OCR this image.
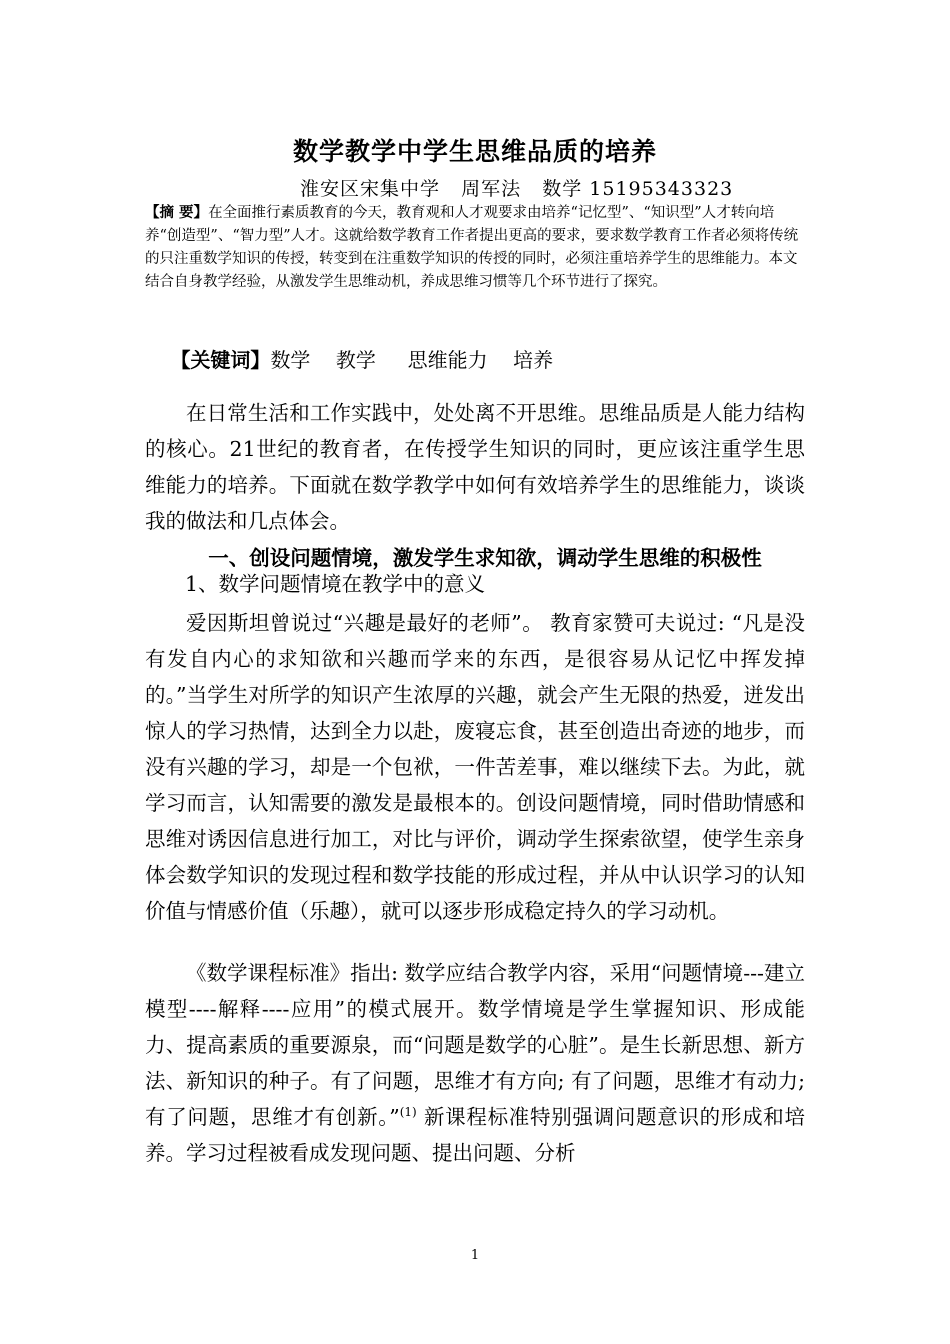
数学教学中学生思维品质的培养
淮安区宋集中学   周军法   数学 15195343323
【摘 要】在全面推行素质教育的今天，教育观和人才观要求由培养“记忆型”、“知识型”人才转向培养“创造型”、“智力型”人才。这就给数学教育工作者提出更高的要求，要求数学教育工作者必须将传统的只注重数学知识的传授，转变到在注重数学知识的传授的同时，必须注重培养学生的思维能力。本文结合自身教学经验，从激发学生思维动机，养成思维习惯等几个环节进行了探究。

【关键词】数学    教学     思维能力    培养

在日常生活和工作实践中，处处离不开思维。思维品质是人能力结构的核心。21世纪的教育者，在传授学生知识的同时，更应该注重学生思维能力的培养。下面就在数学教学中如何有效培养学生的思维能力，谈谈我的做法和几点体会。
一、创设问题情境，激发学生求知欲，调动学生思维的积极性
1、数学问题情境在教学中的意义
爱因斯坦曾说过“兴趣是最好的老师”。 教育家赞可夫说过: “凡是没有发自内心的求知欲和兴趣而学来的东西，是很容易从记忆中挥发掉的。”当学生对所学的知识产生浓厚的兴趣，就会产生无限的热爱，迸发出惊人的学习热情，达到全力以赴，废寝忘食，甚至创造出奇迹的地步，而没有兴趣的学习，却是一个包袱，一件苦差事，难以继续下去。为此，就学习而言，认知需要的激发是最根本的。创设问题情境，同时借助情感和思维对诱因信息进行加工，对比与评价，调动学生探索欲望，使学生亲身体会数学知识的发现过程和数学技能的形成过程，并从中认识学习的认知价值与情感价值（乐趣），就可以逐步形成稳定持久的学习动机。
《数学课程标准》指出: 数学应结合教学内容，采用“问题情境---建立模型----解释----应用”的模式展开。数学情境是学生掌握知识、形成能力、提高素质的重要源泉，而“问题是数学的心脏”。是生长新思想、新方法、新知识的种子。有了问题，思维才有方向; 有了问题，思维才有动力; 有了问题，思维才有创新。”$^{(1)}$ 新课程标准特别强调问题意识的形成和培养。学习过程被看成发现问题、提出问题、分析
1
